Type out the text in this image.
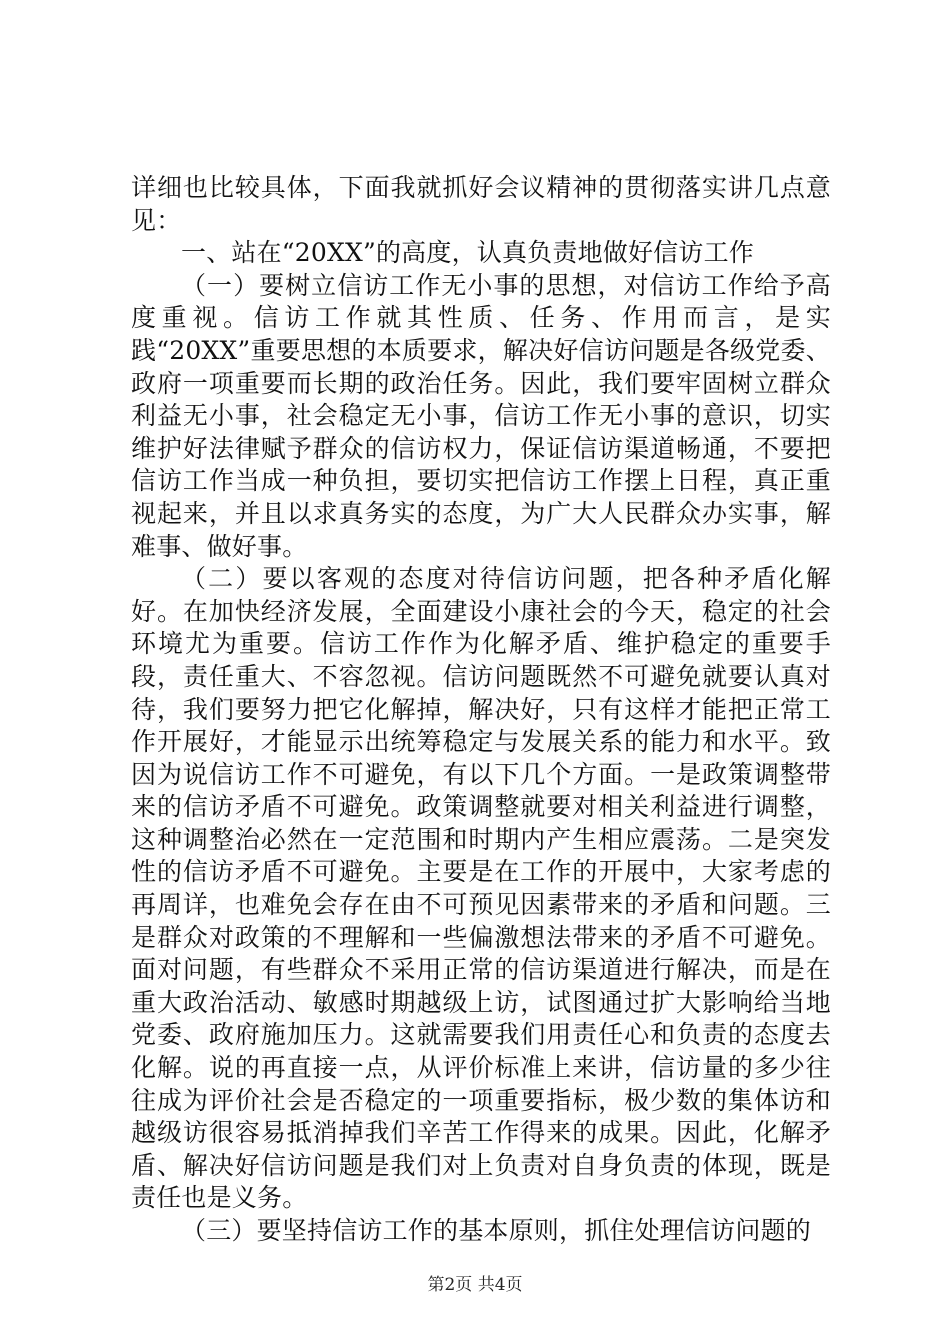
详细也比较具体，下面我就抓好会议精神的贯彻落实讲几点意见：

一、站在“20XX”的高度，认真负责地做好信访工作

（一）要树立信访工作无小事的思想，对信访工作给予高度重视。信访工作就其性质、任务、作用而言，是实践“20XX”重要思想的本质要求，解决好信访问题是各级党委、政府一项重要而长期的政治任务。因此，我们要牢固树立群众利益无小事，社会稳定无小事，信访工作无小事的意识，切实维护好法律赋予群众的信访权力，保证信访渠道畅通，不要把信访工作当成一种负担，要切实把信访工作摆上日程，真正重视起来，并且以求真务实的态度，为广大人民群众办实事，解难事、做好事。

（二）要以客观的态度对待信访问题，把各种矛盾化解好。在加快经济发展，全面建设小康社会的今天，稳定的社会环境尤为重要。信访工作作为化解矛盾、维护稳定的重要手段，责任重大、不容忽视。信访问题既然不可避免就要认真对待，我们要努力把它化解掉，解决好，只有这样才能把正常工作开展好，才能显示出统筹稳定与发展关系的能力和水平。致因为说信访工作不可避免，有以下几个方面。一是政策调整带来的信访矛盾不可避免。政策调整就要对相关利益进行调整，这种调整治必然在一定范围和时期内产生相应震荡。二是突发性的信访矛盾不可避免。主要是在工作的开展中，大家考虑的再周详，也难免会存在由不可预见因素带来的矛盾和问题。三是群众对政策的不理解和一些偏激想法带来的矛盾不可避免。面对问题，有些群众不采用正常的信访渠道进行解决，而是在重大政治活动、敏感时期越级上访，试图通过扩大影响给当地党委、政府施加压力。这就需要我们用责任心和负责的态度去化解。说的再直接一点，从评价标准上来讲，信访量的多少往往成为评价社会是否稳定的一项重要指标，极少数的集体访和越级访很容易抵消掉我们辛苦工作得来的成果。因此，化解矛盾、解决好信访问题是我们对上负责对自身负责的体现，既是责任也是义务。

（三）要坚持信访工作的基本原则，抓住处理信访问题的

第2页 共4页
